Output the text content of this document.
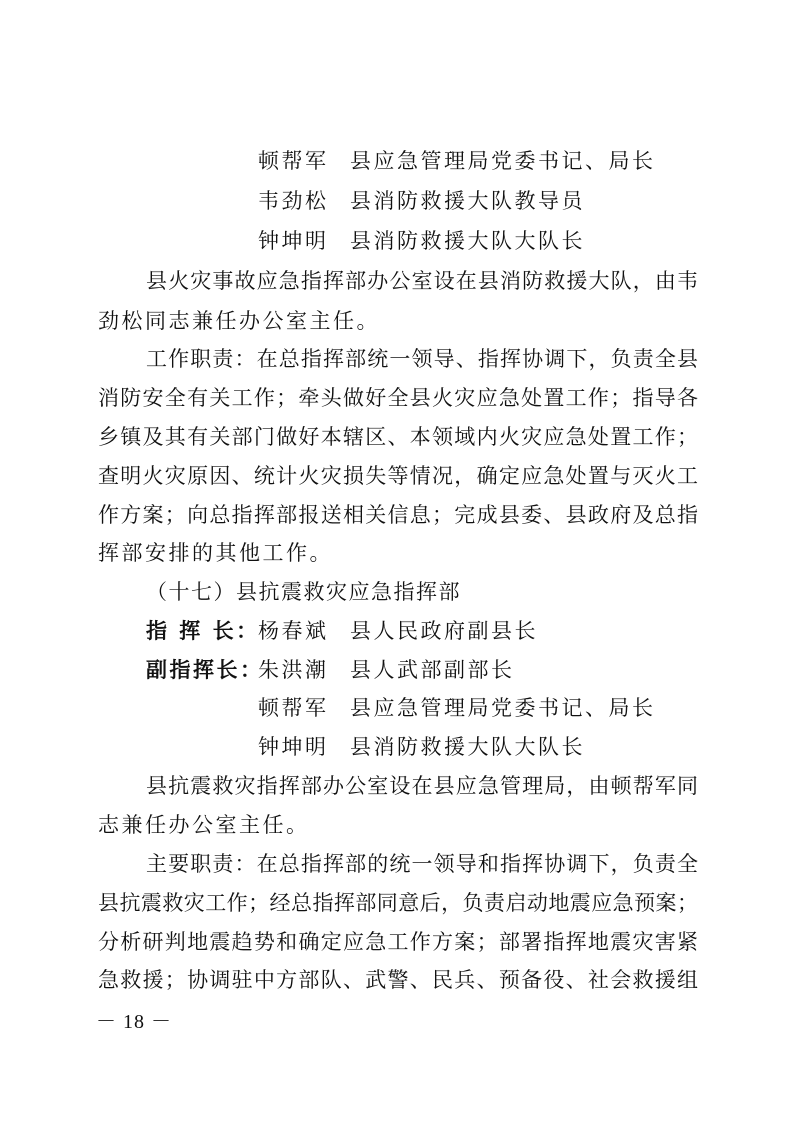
顿帮军 县应急管理局党委书记、局长
韦劲松 县消防救援大队教导员
钟坤明 县消防救援大队大队长
县火灾事故应急指挥部办公室设在县消防救援大队，由韦
劲松同志兼任办公室主任。
工作职责：在总指挥部统一领导、指挥协调下，负责全县
消防安全有关工作；牵头做好全县火灾应急处置工作；指导各
乡镇及其有关部门做好本辖区、本领域内火灾应急处置工作；
查明火灾原因、统计火灾损失等情况，确定应急处置与灭火工
作方案；向总指挥部报送相关信息；完成县委、县政府及总指
挥部安排的其他工作。
（十七）县抗震救灾应急指挥部
指 挥 长：
杨春斌 县人民政府副县长
副指挥长：
朱洪潮 县人武部副部长
顿帮军 县应急管理局党委书记、局长
钟坤明 县消防救援大队大队长
县抗震救灾指挥部办公室设在县应急管理局，由顿帮军同
志兼任办公室主任。
主要职责：在总指挥部的统一领导和指挥协调下，负责全
县抗震救灾工作；经总指挥部同意后，负责启动地震应急预案；
分析研判地震趋势和确定应急工作方案；部署指挥地震灾害紧
急救援；协调驻中方部队、武警、民兵、预备役、社会救援组
－ 18 －
